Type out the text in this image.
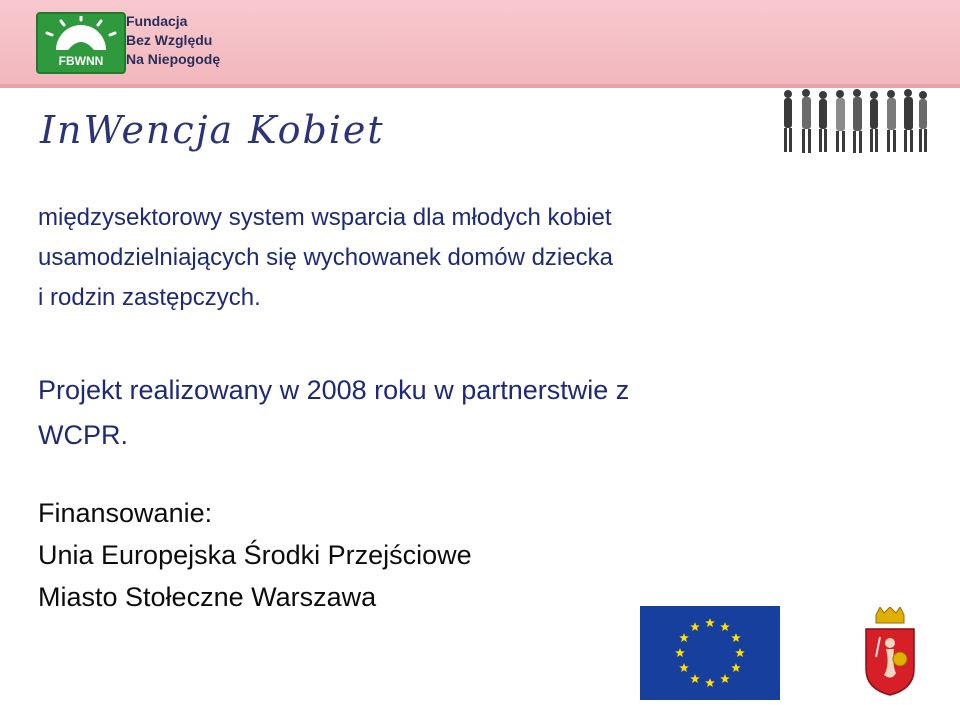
FBWNN
Fundacja
Bez Względu
Na Niepogodę
InWencja Kobiet
międzysektorowy system wsparcia dla młodych kobiet
usamodzielniających się wychowanek domów dziecka
i rodzin zastępczych.
Projekt realizowany w 2008 roku w partnerstwie z
WCPR.
Finansowanie:
Unia Europejska Środki Przejściowe
Miasto Stołeczne Warszawa
